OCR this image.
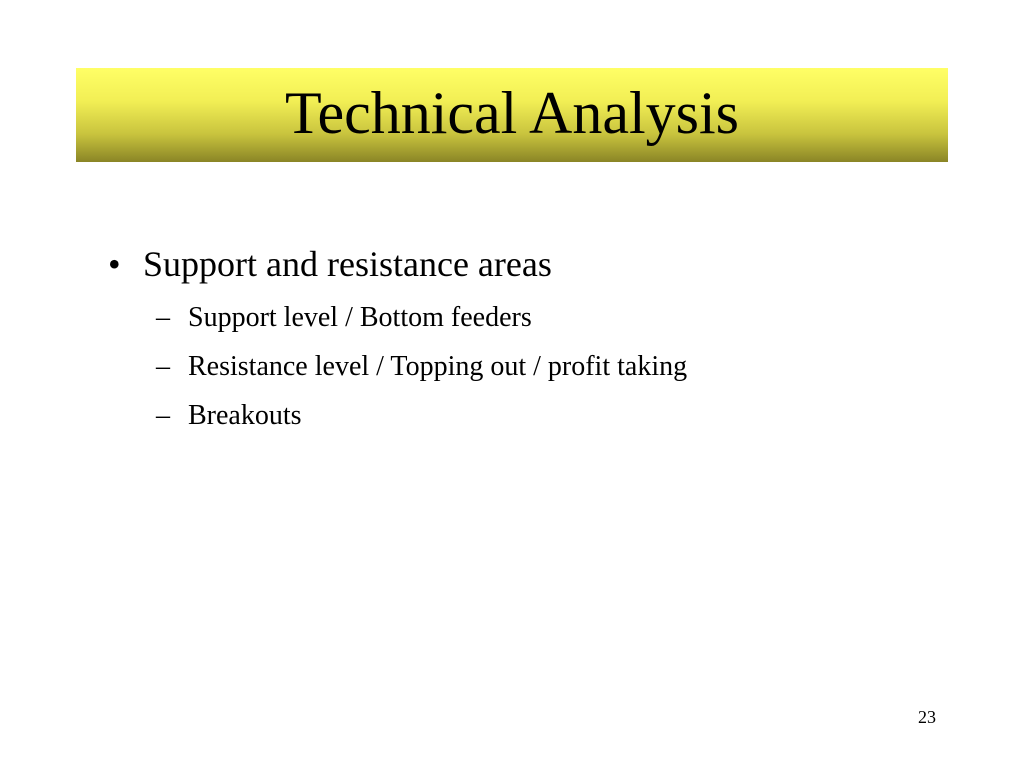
Technical Analysis
• Support and resistance areas
– Support level / Bottom feeders
– Resistance level / Topping out / profit taking
– Breakouts
23
